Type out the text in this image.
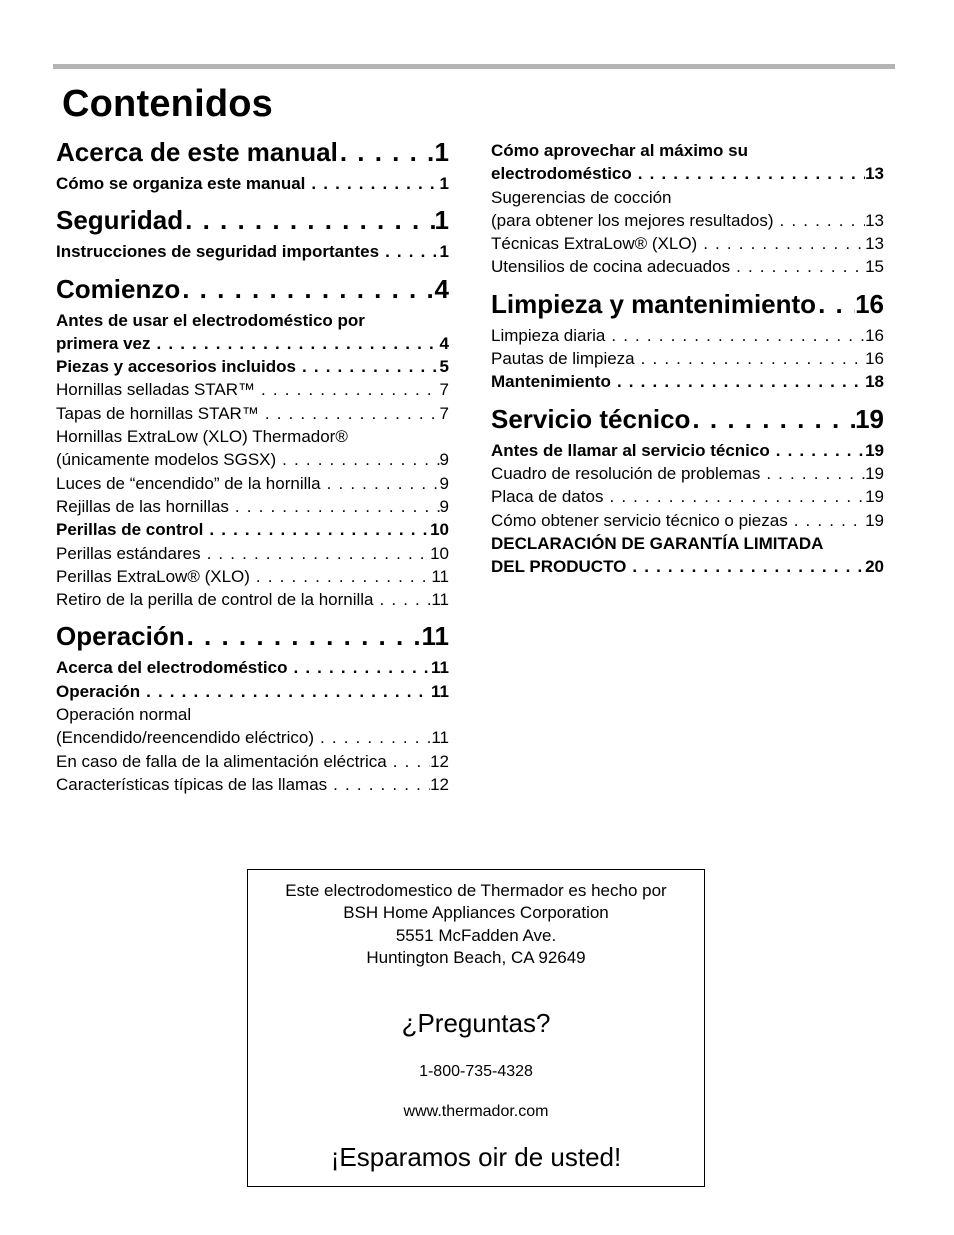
Contenidos
Acerca de este manual . . .	1
Cómo se organiza este manual . . .	1
Seguridad . . .	1
Instrucciones de seguridad importantes . . .	1
Comienzo . . .	4
Antes de usar el electrodoméstico por
primera vez . . .	4
Piezas y accesorios incluidos . . .	5
Hornillas selladas STAR™ . . .	7
Tapas de hornillas STAR™ . . .	7
Hornillas ExtraLow (XLO) Thermador®
(únicamente modelos SGSX) . . .	9
Luces de “encendido” de la hornilla . . .	9
Rejillas de las hornillas . . .	9
Perillas de control . . .	10
Perillas estándares . . .	10
Perillas ExtraLow® (XLO) . . .	11
Retiro de la perilla de control de la hornilla . . .	11
Operación . . .	11
Acerca del electrodoméstico . . .	11
Operación . . .	11
Operación normal
(Encendido/reencendido eléctrico) . . .	11
En caso de falla de la alimentación eléctrica . . .	12
Características típicas de las llamas . . .	12
Cómo aprovechar al máximo su
electrodoméstico . . .	13
Sugerencias de cocción
(para obtener los mejores resultados) . . .	13
Técnicas ExtraLow® (XLO) . . .	13
Utensilios de cocina adecuados . . .	15
Limpieza y mantenimiento . . . 16
Limpieza diaria . . .	16
Pautas de limpieza . . .	16
Mantenimiento . . .	18
Servicio técnico . . .	19
Antes de llamar al servicio técnico . . .	19
Cuadro de resolución de problemas . . .	19
Placa de datos . . .	19
Cómo obtener servicio técnico o piezas . . .	19
DECLARACIÓN DE GARANTÍA LIMITADA
DEL PRODUCTO . . .	20
Este electrodomestico de Thermador es hecho por
BSH Home Appliances Corporation
5551 McFadden Ave.
Huntington Beach, CA 92649
¿Preguntas?
1-800-735-4328
www.thermador.com
¡Esparamos oir de usted!
